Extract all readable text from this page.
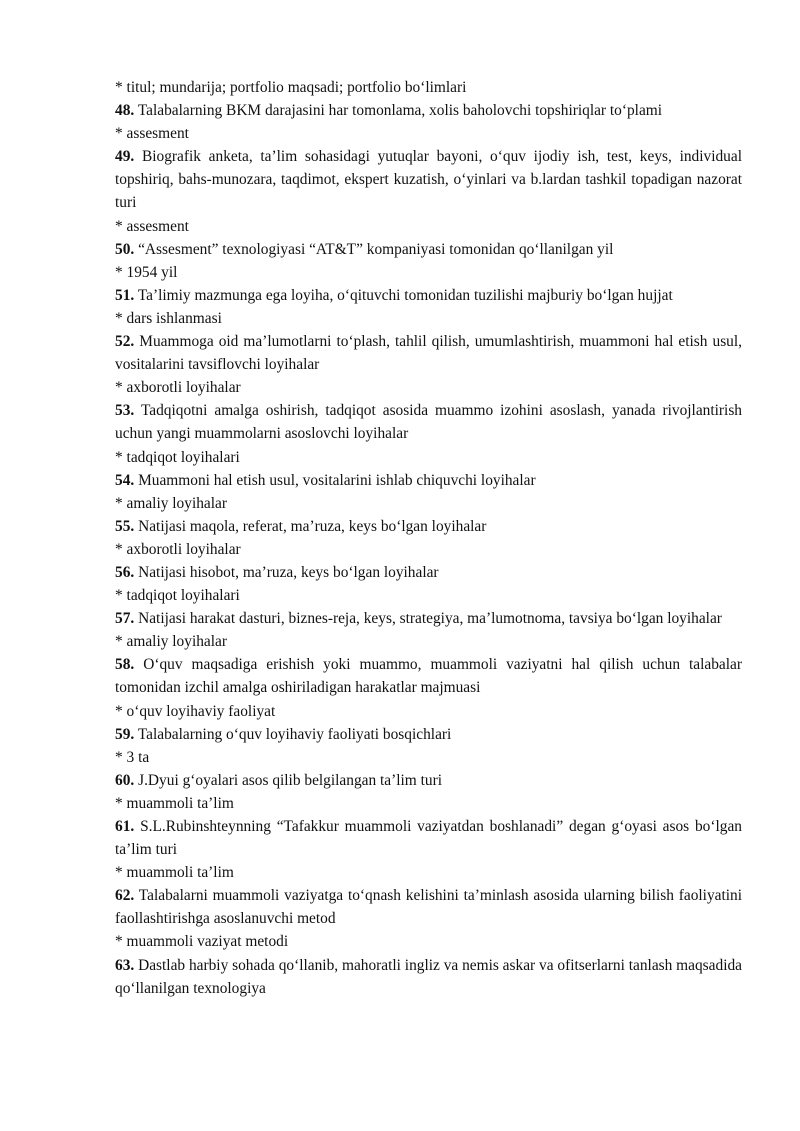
* titul; mundarija; portfolio maqsadi; portfolio bo‘limlari
48. Talabalarning BKM darajasini har tomonlama, xolis baholovchi topshiriqlar to‘plami
* assesment
49. Biografik anketa, ta’lim sohasidagi yutuqlar bayoni, o‘quv ijodiy ish, test, keys, individual topshiriq, bahs-munozara, taqdimot, ekspert kuzatish, o‘yinlari va b.lardan tashkil topadigan nazorat turi
* assesment
50. “Assesment” texnologiyasi “AT&T” kompaniyasi tomonidan qo‘llanilgan yil
* 1954 yil
51. Ta’limiy mazmunga ega loyiha, o‘qituvchi tomonidan tuzilishi majburiy bo‘lgan hujjat
* dars ishlanmasi
52. Muammoga oid ma’lumotlarni to‘plash, tahlil qilish, umumlashtirish, muammoni hal etish usul, vositalarini tavsiflovchi loyihalar
* axborotli loyihalar
53. Tadqiqotni amalga oshirish, tadqiqot asosida muammo izohini asoslash, yanada rivojlantirish uchun yangi muammolarni asoslovchi loyihalar
* tadqiqot loyihalari
54. Muammoni hal etish usul, vositalarini ishlab chiquvchi loyihalar
* amaliy loyihalar
55. Natijasi maqola, referat, ma’ruza, keys bo‘lgan loyihalar
* axborotli loyihalar
56. Natijasi hisobot, ma’ruza, keys bo‘lgan loyihalar
* tadqiqot loyihalari
57. Natijasi harakat dasturi, biznes-reja, keys, strategiya, ma’lumotnoma, tavsiya bo‘lgan loyihalar
* amaliy loyihalar
58. O‘quv maqsadiga erishish yoki muammo, muammoli vaziyatni hal qilish uchun talabalar tomonidan izchil amalga oshiriladigan harakatlar majmuasi
* o‘quv loyihaviy faoliyat
59. Talabalarning o‘quv loyihaviy faoliyati bosqichlari
* 3 ta
60. J.Dyui g‘oyalari asos qilib belgilangan ta’lim turi
* muammoli ta’lim
61. S.L.Rubinshteynning “Tafakkur muammoli vaziyatdan boshlanadi” degan g‘oyasi asos bo‘lgan ta’lim turi
* muammoli ta’lim
62. Talabalarni muammoli vaziyatga to‘qnash kelishini ta’minlash asosida ularning bilish faoliyatini faollashtirishga asoslanuvchi metod
* muammoli vaziyat metodi
63. Dastlab harbiy sohada qo‘llanib, mahoratli ingliz va nemis askar va ofitserlarni tanlash maqsadida qo‘llanilgan texnologiya
